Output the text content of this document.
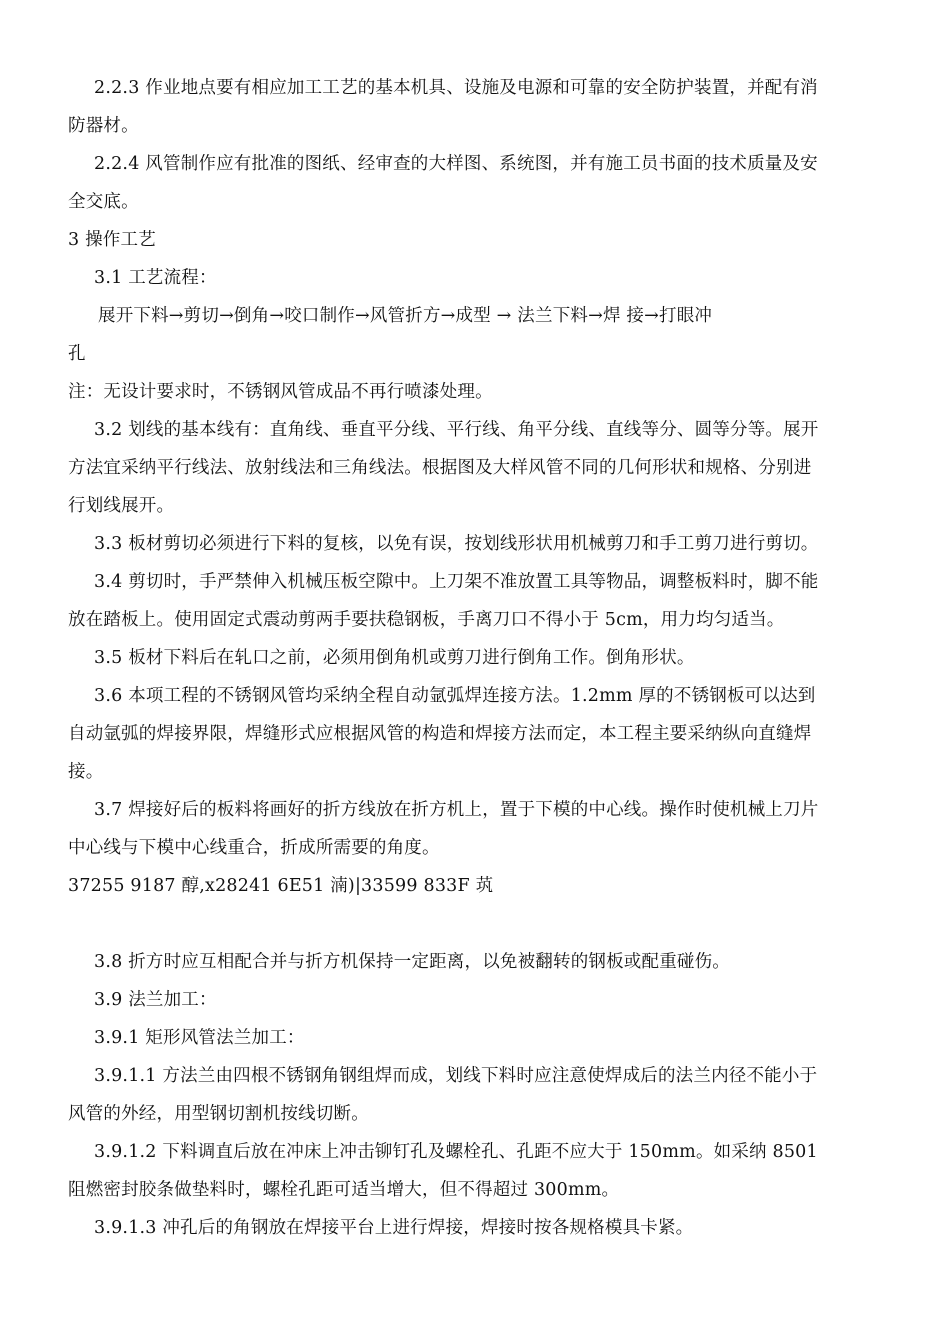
2.2.3 作业地点要有相应加工工艺的基本机具、设施及电源和可靠的安全防护装置，并配有消
防器材。
2.2.4 风管制作应有批准的图纸、经审查的大样图、系统图，并有施工员书面的技术质量及安
全交底。
3 操作工艺
3.1 工艺流程：
展开下料→剪切→倒角→咬口制作→风管折方→成型 → 法兰下料→焊 接→打眼冲
孔
注：无设计要求时，不锈钢风管成品不再行喷漆处理。
3.2 划线的基本线有：直角线、垂直平分线、平行线、角平分线、直线等分、圆等分等。展开
方法宜采纳平行线法、放射线法和三角线法。根据图及大样风管不同的几何形状和规格、分别进
行划线展开。
3.3 板材剪切必须进行下料的复核，以免有误，按划线形状用机械剪刀和手工剪刀进行剪切。
3.4 剪切时，手严禁伸入机械压板空隙中。上刀架不准放置工具等物品，调整板料时，脚不能
放在踏板上。使用固定式震动剪两手要扶稳钢板，手离刀口不得小于 5cm，用力均匀适当。
3.5 板材下料后在轧口之前，必须用倒角机或剪刀进行倒角工作。倒角形状。
3.6 本项工程的不锈钢风管均采纳全程自动氩弧焊连接方法。1.2mm 厚的不锈钢板可以达到
自动氩弧的焊接界限，焊缝形式应根据风管的构造和焊接方法而定，本工程主要采纳纵向直缝焊
接。
3.7 焊接好后的板料将画好的折方线放在折方机上，置于下模的中心线。操作时使机械上刀片
中心线与下模中心线重合，折成所需要的角度。
37255 9187 醇,x28241 6E51 湳)|33599 833F 茿
3.8 折方时应互相配合并与折方机保持一定距离，以免被翻转的钢板或配重碰伤。
3.9 法兰加工：
3.9.1 矩形风管法兰加工：
3.9.1.1 方法兰由四根不锈钢角钢组焊而成，划线下料时应注意使焊成后的法兰内径不能小于
风管的外经，用型钢切割机按线切断。
3.9.1.2 下料调直后放在冲床上冲击铆钉孔及螺栓孔、孔距不应大于 150mm。如采纳 8501
阻燃密封胶条做垫料时，螺栓孔距可适当增大，但不得超过 300mm。
3.9.1.3 冲孔后的角钢放在焊接平台上进行焊接，焊接时按各规格模具卡紧。
